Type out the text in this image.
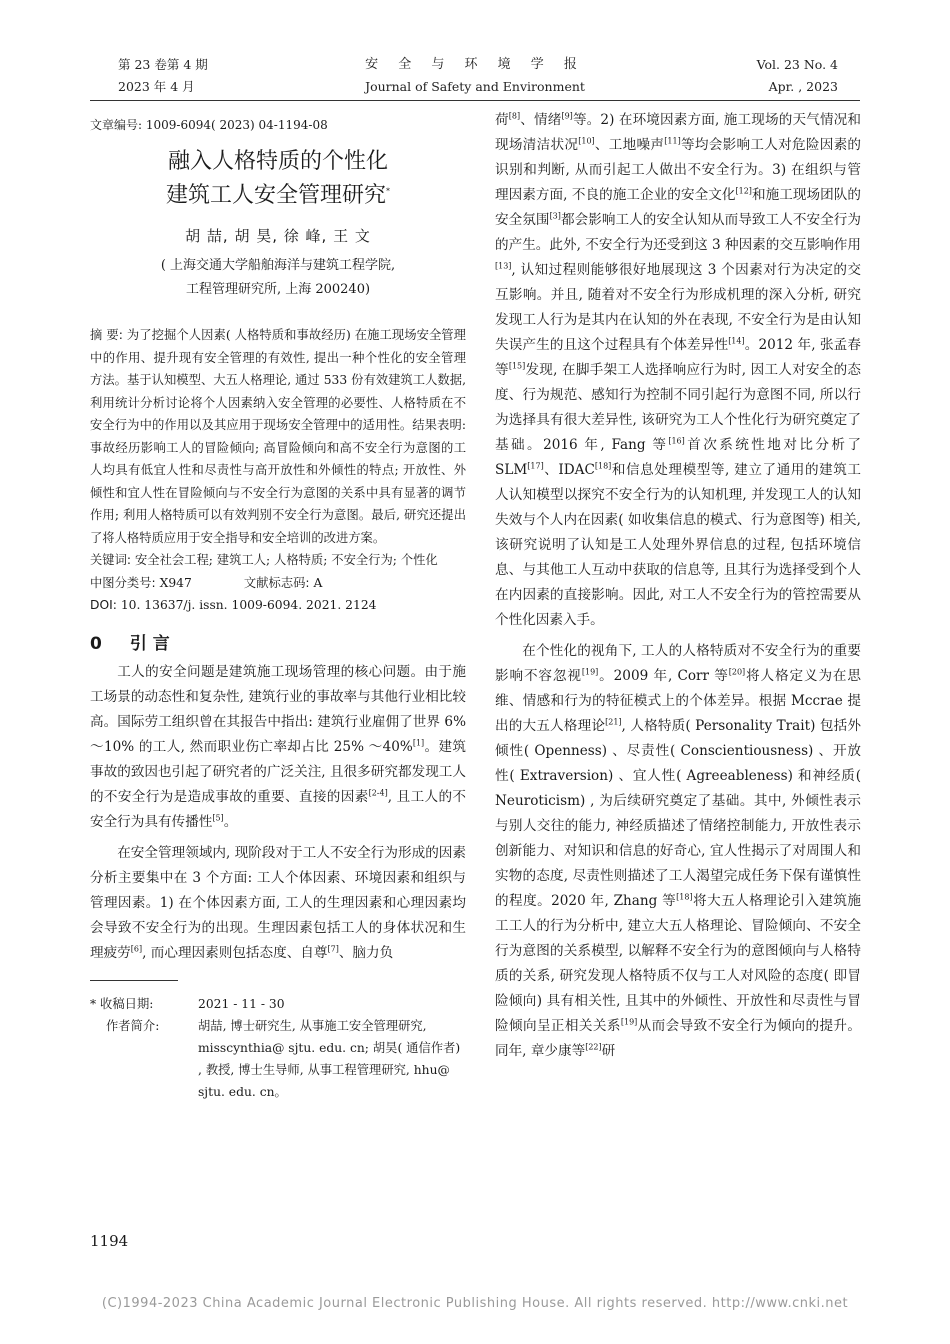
第 23 卷第 4 期
2023 年 4 月
安 全 与 环 境 学 报
Journal of Safety and Environment
Vol. 23 No. 4
Apr. , 2023
文章编号: 1009-6094( 2023) 04-1194-08
融入人格特质的个性化
建筑工人安全管理研究*
胡 喆, 胡 昊, 徐 峰, 王 文
( 上海交通大学船舶海洋与建筑工程学院,
工程管理研究所, 上海 200240)
摘 要: 为了挖掘个人因素( 人格特质和事故经历) 在施工现场安全管理中的作用、提升现有安全管理的有效性, 提出一种个性化的安全管理方法。基于认知模型、大五人格理论, 通过 533 份有效建筑工人数据, 利用统计分析讨论将个人因素纳入安全管理的必要性、人格特质在不安全行为中的作用以及其应用于现场安全管理中的适用性。结果表明: 事故经历影响工人的冒险倾向; 高冒险倾向和高不安全行为意图的工人均具有低宜人性和尽责性与高开放性和外倾性的特点; 开放性、外倾性和宜人性在冒险倾向与不安全行为意图的关系中具有显著的调节作用; 利用人格特质可以有效判别不安全行为意图。最后, 研究还提出了将人格特质应用于安全指导和安全培训的改进方案。
关键词: 安全社会工程; 建筑工人; 人格特质; 不安全行为; 个性化
中图分类号: X947	文献标志码: A
DOI: 10. 13637/j. issn. 1009-6094. 2021. 2124
0 引 言

工人的安全问题是建筑施工现场管理的核心问题。由于施工场景的动态性和复杂性, 建筑行业的事故率与其他行业相比较高。国际劳工组织曾在其报告中指出: 建筑行业雇佣了世界 6% ～10% 的工人, 然而职业伤亡率却占比 25% ～40%[1]。建筑事故的致因也引起了研究者的广泛关注, 且很多研究都发现工人的不安全行为是造成事故的重要、直接的因素[2-4], 且工人的不安全行为具有传播性[5]。

在安全管理领域内, 现阶段对于工人不安全行为形成的因素分析主要集中在 3 个方面: 工人个体因素、环境因素和组织与管理因素。1) 在个体因素方面, 工人的生理因素和心理因素均会导致不安全行为的出现。生理因素包括工人的身体状况和生理疲劳[6], 而心理因素则包括态度、自尊[7]、脑力负

* 收稿日期:	2021 - 11 - 30
作者简介:	胡喆, 博士研究生, 从事施工安全管理研究, misscynthia@ sjtu. edu. cn; 胡昊( 通信作者) , 教授, 博士生导师, 从事工程管理研究, hhu@ sjtu. edu. cn。

荷[8]、情绪[9]等。2) 在环境因素方面, 施工现场的天气情况和现场清洁状况[10]、工地噪声[11]等均会影响工人对危险因素的识别和判断, 从而引起工人做出不安全行为。3) 在组织与管理因素方面, 不良的施工企业的安全文化[12]和施工现场团队的安全氛围[3]都会影响工人的安全认知从而导致工人不安全行为的产生。此外, 不安全行为还受到这 3 种因素的交互影响作用[13], 认知过程则能够很好地展现这 3 个因素对行为决定的交互影响。并且, 随着对不安全行为形成机理的深入分析, 研究发现工人行为是其内在认知的外在表现, 不安全行为是由认知失误产生的且这个过程具有个体差异性[14]。2012 年, 张孟春等[15]发现, 在脚手架工人选择响应行为时, 因工人对安全的态度、行为规范、感知行为控制不同引起行为意图不同, 所以行为选择具有很大差异性, 该研究为工人个性化行为研究奠定了基础。2016 年, Fang 等[16]首次系统性地对比分析了 SLM[17]、IDAC[18]和信息处理模型等, 建立了通用的建筑工人认知模型以探究不安全行为的认知机理, 并发现工人的认知失效与个人内在因素( 如收集信息的模式、行为意图等) 相关, 该研究说明了认知是工人处理外界信息的过程, 包括环境信息、与其他工人互动中获取的信息等, 且其行为选择受到个人在内因素的直接影响。因此, 对工人不安全行为的管控需要从个性化因素入手。

在个性化的视角下, 工人的人格特质对不安全行为的重要影响不容忽视[19]。2009 年, Corr 等[20]将人格定义为在思维、情感和行为的特征模式上的个体差异。根据 Mccrae 提出的大五人格理论[21], 人格特质( Personality Trait) 包括外倾性( Openness) 、尽责性( Conscientiousness) 、开放性( Extraversion) 、宜人性( Agreeableness) 和神经质( Neuroticism) , 为后续研究奠定了基础。其中, 外倾性表示与别人交往的能力, 神经质描述了情绪控制能力, 开放性表示创新能力、对知识和信息的好奇心, 宜人性揭示了对周围人和实物的态度, 尽责性则描述了工人渴望完成任务下保有谨慎性的程度。2020 年, Zhang 等[18]将大五人格理论引入建筑施工工人的行为分析中, 建立大五人格理论、冒险倾向、不安全行为意图的关系模型, 以解释不安全行为的意图倾向与人格特质的关系, 研究发现人格特质不仅与工人对风险的态度( 即冒险倾向) 具有相关性, 且其中的外倾性、开放性和尽责性与冒险倾向呈正相关关系[19]从而会导致不安全行为倾向的提升。同年, 章少康等[22]研

1194
(C)1994-2023 China Academic Journal Electronic Publishing House. All rights reserved. http://www.cnki.net
